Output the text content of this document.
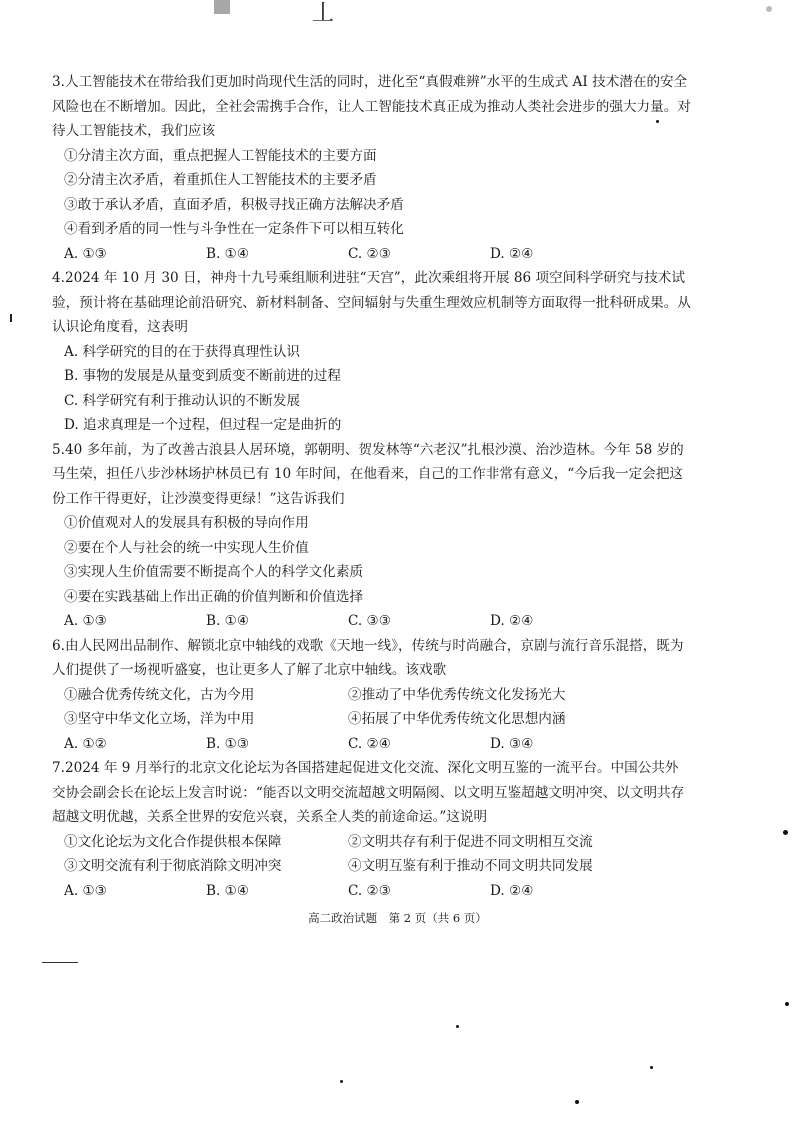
丄

3.人工智能技术在带给我们更加时尚现代生活的同时，进化至“真假难辨”水平的生成式 AI 技术潜在的安全风险也在不断增加。因此，全社会需携手合作，让人工智能技术真正成为推动人类社会进步的强大力量。对待人工智能技术，我们应该

①分清主次方面，重点把握人工智能技术的主要方面

②分清主次矛盾，着重抓住人工智能技术的主要矛盾

③敢于承认矛盾，直面矛盾，积极寻找正确方法解决矛盾

④看到矛盾的同一性与斗争性在一定条件下可以相互转化

A. ①③	B. ①④	C. ②③	D. ②④

4.2024 年 10 月 30 日，神舟十九号乘组顺利进驻“天宫”，此次乘组将开展 86 项空间科学研究与技术试验，预计将在基础理论前沿研究、新材料制备、空间辐射与失重生理效应机制等方面取得一批科研成果。从认识论角度看，这表明

A. 科学研究的目的在于获得真理性认识

B. 事物的发展是从量变到质变不断前进的过程

C. 科学研究有利于推动认识的不断发展

D. 追求真理是一个过程，但过程一定是曲折的

5.40 多年前，为了改善古浪县人居环境，郭朝明、贺发林等“六老汉”扎根沙漠、治沙造林。今年 58 岁的马生荣，担任八步沙林场护林员已有 10 年时间，在他看来，自己的工作非常有意义，“今后我一定会把这份工作干得更好，让沙漠变得更绿！”这告诉我们

①价值观对人的发展具有积极的导向作用

②要在个人与社会的统一中实现人生价值

③实现人生价值需要不断提高个人的科学文化素质

④要在实践基础上作出正确的价值判断和价值选择

A. ①③	B. ①④	C. ③③	D. ②④

6.由人民网出品制作、解锁北京中轴线的戏歌《天地一线》，传统与时尚融合，京剧与流行音乐混搭，既为人们提供了一场视听盛宴，也让更多人了解了北京中轴线。该戏歌

①融合优秀传统文化，古为今用	②推动了中华优秀传统文化发扬光大
③坚守中华文化立场，洋为中用	④拓展了中华优秀传统文化思想内涵
A. ①②	B. ①③	C. ②④	D. ③④

7.2024 年 9 月举行的北京文化论坛为各国搭建起促进文化交流、深化文明互鉴的一流平台。中国公共外交协会副会长在论坛上发言时说：“能否以文明交流超越文明隔阂、以文明互鉴超越文明冲突、以文明共存超越文明优越，关系全世界的安危兴衰，关系全人类的前途命运。”这说明

①文化论坛为文化合作提供根本保障	②文明共存有利于促进不同文明相互交流
③文明交流有利于彻底消除文明冲突	④文明互鉴有利于推动不同文明共同发展
A. ①③	B. ①④	C. ②③	D. ②④
高二政治试题　第 2 页（共 6 页）
